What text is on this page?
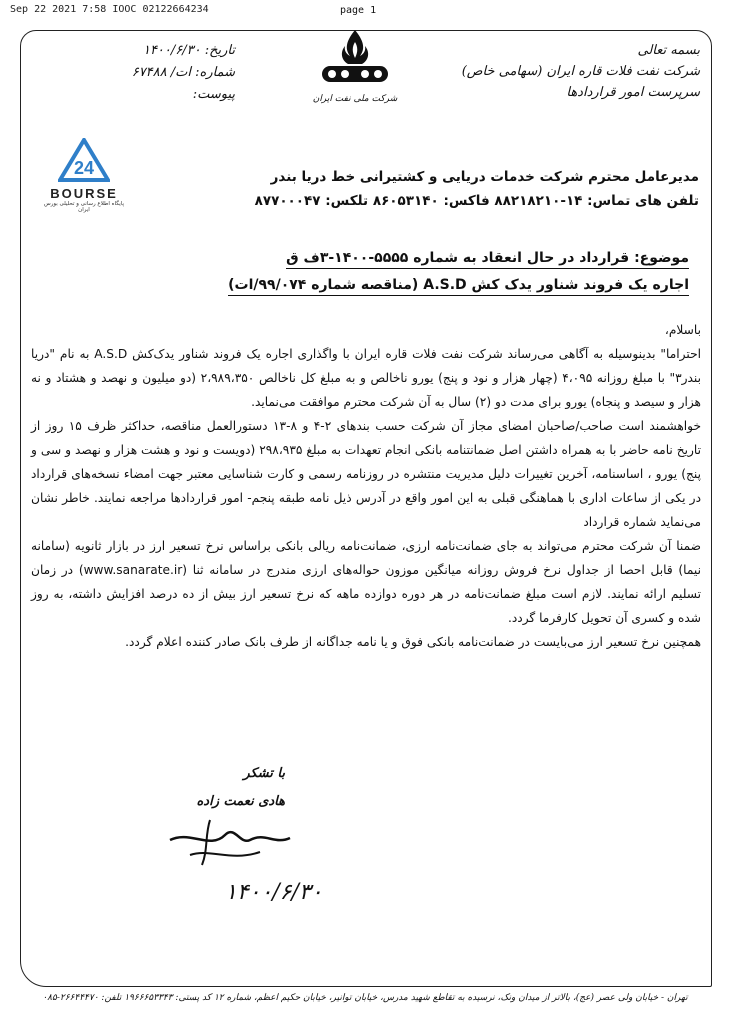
Sep 22 2021 7:58 IOOC 02122664234	page 1
تاریخ: ۱۴۰۰/۶/۳۰
شماره: ات/ ۶۷۴۸۸
پیوست:	شرکت ملی نفت ایران
بسمه تعالی
شرکت نفت فلات قاره ایران (سهامی خاص)
سرپرست امور قراردادها
24
BOURSE
پایگاه اطلاع رسانی و تحلیلی بورس ایران
مدیرعامل محترم شرکت خدمات دریایی و کشتیرانی خط دریا بندر
تلفن های تماس: ۱۴-۸۸۲۱۸۲۱۰ فاکس: ۸۶۰۵۳۱۴۰ تلکس: ۸۷۷۰۰۰۴۷
موضوع: قرارداد در حال انعقاد به شماره ۵۵۵۵-۱۴۰۰-۳ف ق
اجاره یک فروند شناور یدک کش A.S.D (مناقصه شماره ۹۹/۰۷۴/ات)

باسلام،

احتراما" بدینوسیله به آگاهی می‌رساند شرکت نفت فلات قاره ایران با واگذاری اجاره یک فروند شناور یدک‌کش A.S.D به نام "دریا بندر۳" با مبلغ روزانه ۴،۰۹۵ (چهار هزار و نود و پنج) یورو ناخالص و به مبلغ کل ناخالص ۲،۹۸۹،۳۵۰ (دو میلیون و نهصد و هشتاد و نه هزار و سیصد و پنجاه) یورو برای مدت دو (۲) سال به آن شرکت محترم موافقت می‌نماید.

خواهشمند است صاحب/صاحبان امضای مجاز آن شرکت حسب بندهای ۲-۴ و ۸-۱۳ دستورالعمل مناقصه، حداکثر ظرف ۱۵ روز از تاریخ نامه حاضر با به همراه داشتن اصل ضمانتنامه بانکی انجام تعهدات به مبلغ ۲۹۸،۹۳۵ (دویست و نود و هشت هزار و نهصد و سی و پنج) یورو ، اساسنامه، آخرین تغییرات دلیل مدیریت منتشره در روزنامه رسمی و کارت شناسایی معتبر جهت امضاء نسخه‌های قرارداد در یکی از ساعات اداری با هماهنگی قبلی به این امور واقع در آدرس ذیل نامه طبقه پنجم- امور قراردادها مراجعه نمایند. خاطر نشان می‌نماید شماره قرارداد

ضمنا آن شرکت محترم می‌تواند به جای ضمانت‌نامه ارزی، ضمانت‌نامه ریالی بانکی براساس نرخ تسعیر ارز در بازار ثانویه (سامانه نیما) قابل احصا از جداول نرخ فروش روزانه میانگین موزون حواله‌های ارزی مندرج در سامانه ثنا (www.sanarate.ir) در زمان تسلیم ارائه نمایند. لازم است مبلغ ضمانت‌نامه در هر دوره دوازده ماهه که نرخ تسعیر ارز بیش از ده درصد افزایش داشته، به روز شده و کسری آن تحویل کارفرما گردد.

همچنین نرخ تسعیر ارز می‌بایست در ضمانت‌نامه بانکی فوق و یا نامه جداگانه از طرف بانک صادر کننده اعلام گردد.

با تشکر
هادی نعمت زاده
۱۴۰۰/۶/۳۰
تهران - خیابان ولی عصر (عج)، بالاتر از میدان ونک، نرسیده به تقاطع شهید مدرس، خیابان توانیر، خیابان حکیم اعظم، شماره ۱۲ کد پستی: ۱۹۶۶۶۵۳۳۴۳ تلفن: ۲۶۶۴۴۴۷۰-۰۸۵
